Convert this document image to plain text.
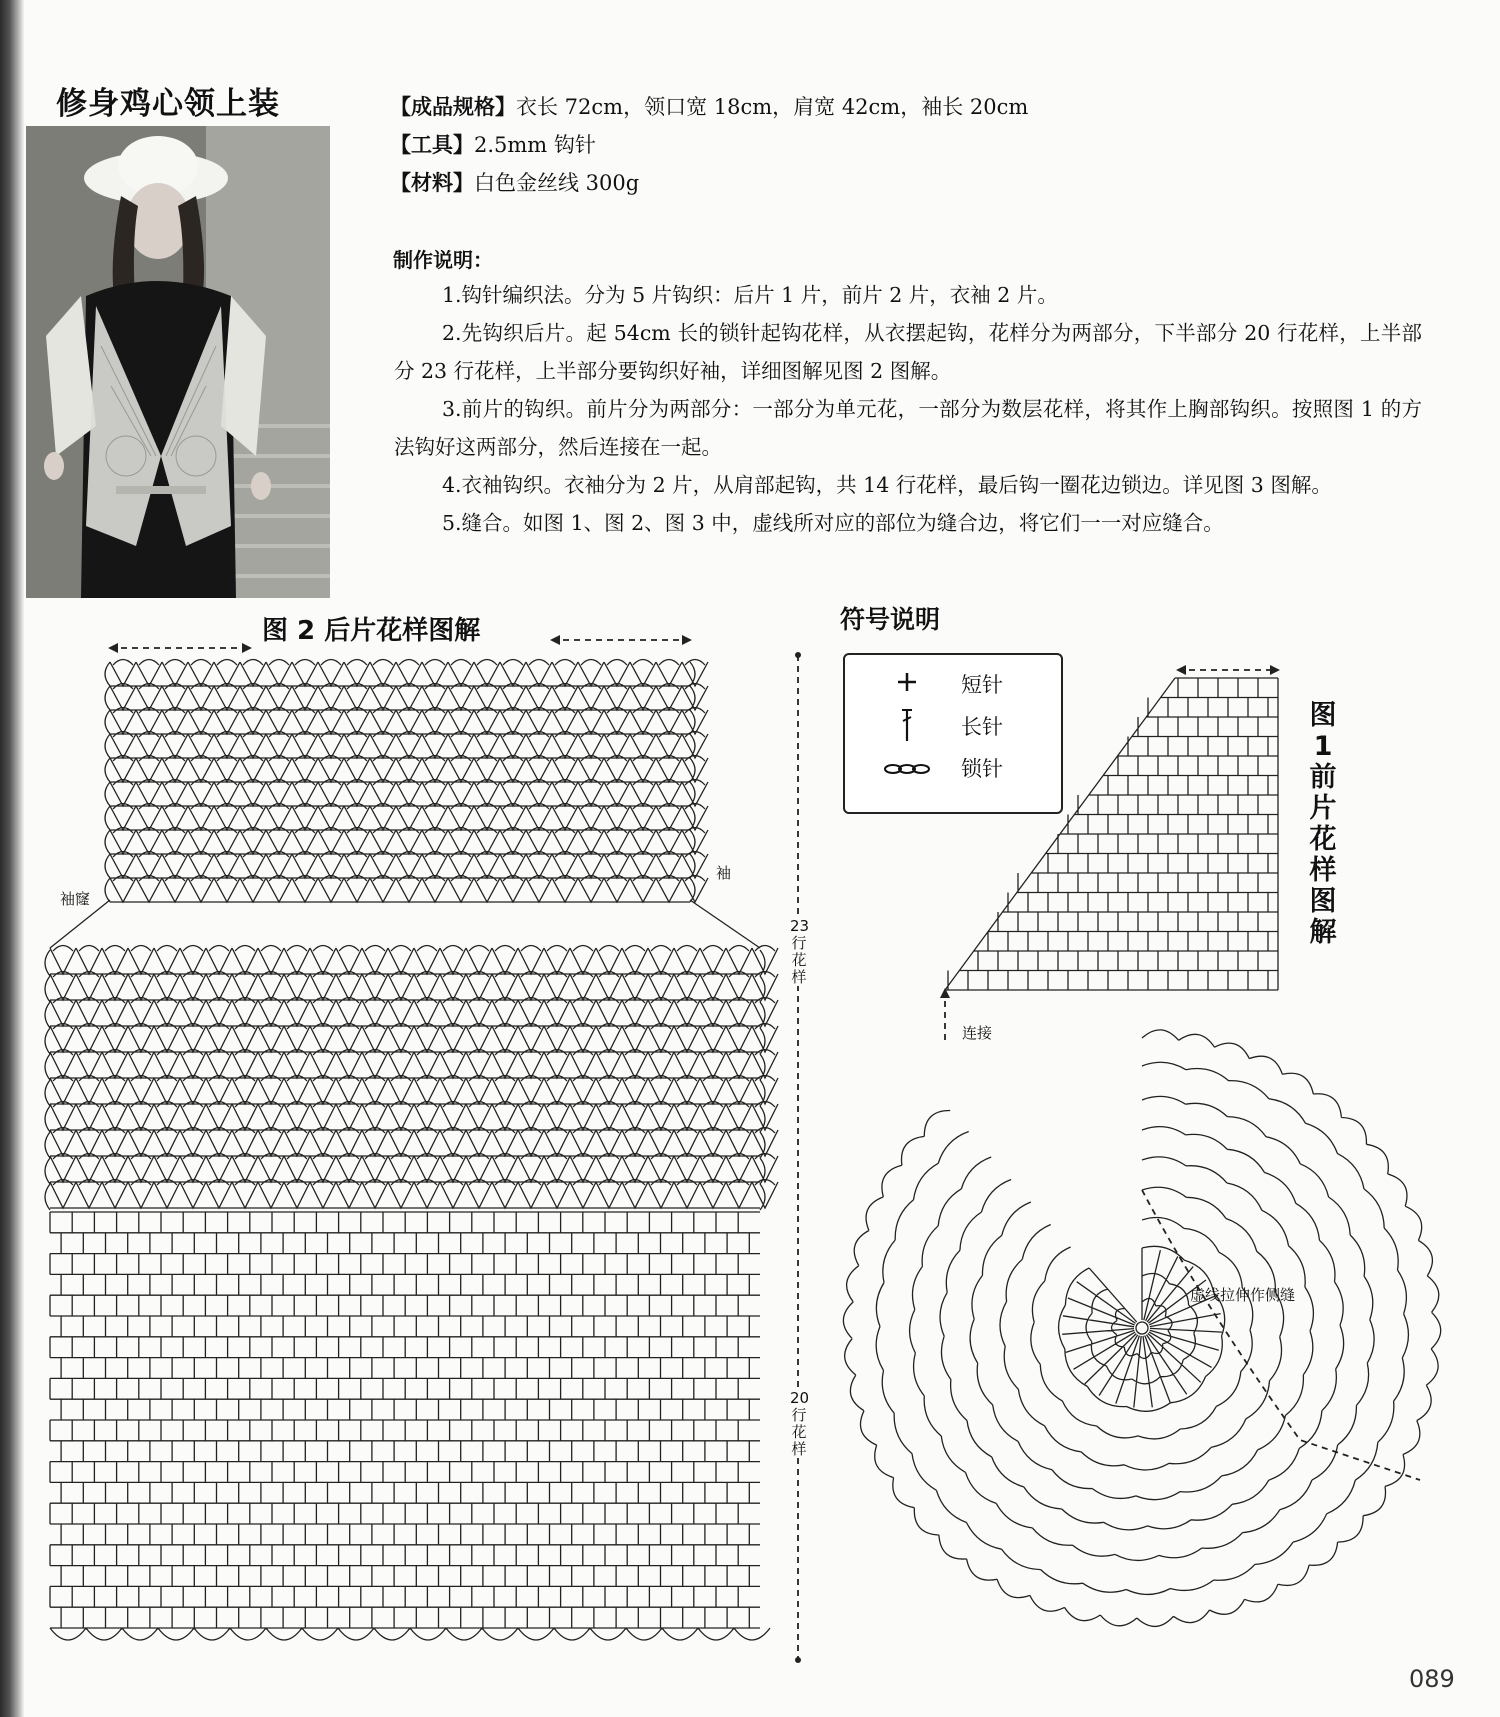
修身鸡心领上装	【成品规格】衣长 72cm，领口宽 18cm，肩宽 42cm，袖长 20cm
【工具】2.5mm 钩针
【材料】白色金丝线 300g
制作说明：

1.钩针编织法。分为 5 片钩织：后片 1 片，前片 2 片，衣袖 2 片。

2.先钩织后片。起 54cm 长的锁针起钩花样，从衣摆起钩，花样分为两部分，下半部分 20 行花样，上半部分 23 行花样，上半部分要钩织好袖，详细图解见图 2 图解。

3.前片的钩织。前片分为两部分：一部分为单元花，一部分为数层花样，将其作上胸部钩织。按照图 1 的方法钩好这两部分，然后连接在一起。

4.衣袖钩织。衣袖分为 2 片，从肩部起钩，共 14 行花样，最后钩一圈花边锁边。详见图 3 图解。

5.缝合。如图 1、图 2、图 3 中，虚线所对应的部位为缝合边，将它们一一对应缝合。

图 2 后片花样图解
袖窿
袖
23行花样
20行花样
符号说明
短针
长针
锁针
图1前片花样图解
连接
虚线拉伸作侧缝
089
